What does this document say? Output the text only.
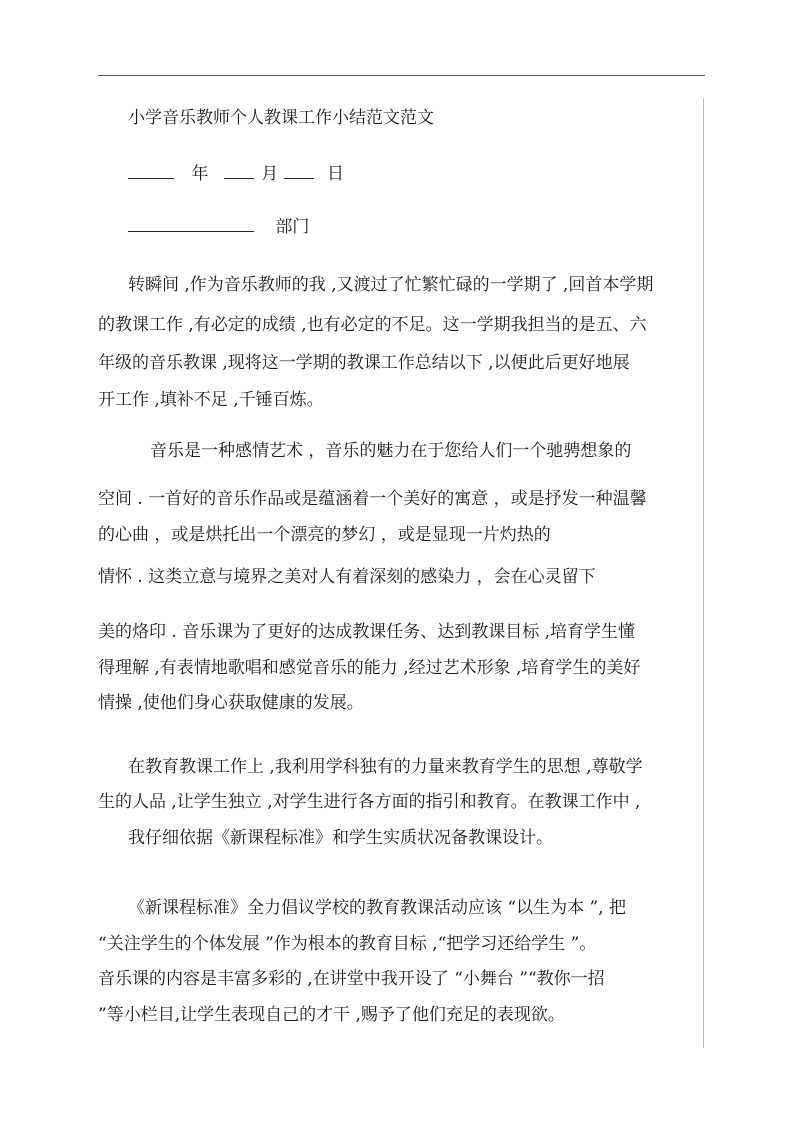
小学音乐教师个人教课工作小结范文范文
年	月	日
部门
转瞬间 ,作为音乐教师的我 ,又渡过了忙繁忙碌的一学期了 ,回首本学期
的教课工作 ,有必定的成绩 ,也有必定的不足。这一学期我担当的是五、六
年级的音乐教课 ,现将这一学期的教课工作总结以下 ,以便此后更好地展
开工作 ,填补不足 ,千锤百炼。
音乐是一种感情艺术 ，音乐的魅力在于您给人们一个驰骋想象的
空间 . 一首好的音乐作品或是蕴涵着一个美好的寓意 ，或是抒发一种温馨
的心曲 ，或是烘托出一个漂亮的梦幻 ，或是显现一片灼热的
情怀 . 这类立意与境界之美对人有着深刻的感染力 ，会在心灵留下
美的烙印 . 音乐课为了更好的达成教课任务、达到教课目标 ,培育学生懂
得理解 ,有表情地歌唱和感觉音乐的能力 ,经过艺术形象 ,培育学生的美好
情操 ,使他们身心获取健康的发展。
在教育教课工作上 ,我利用学科独有的力量来教育学生的思想 ,尊敬学
生的人品 ,让学生独立 ,对学生进行各方面的指引和教育。在教课工作中 ,
我仔细依据《新课程标准》和学生实质状况备教课设计。
《新课程标准》全力倡议学校的教育教课活动应该 “以生为本 ”, 把
“关注学生的个体发展 ”作为根本的教育目标 ,“把学习还给学生 ”。
音乐课的内容是丰富多彩的 ,在讲堂中我开设了 “小舞台 ”“教你一招
”等小栏目,让学生表现自己的才干 ,赐予了他们充足的表现欲。
